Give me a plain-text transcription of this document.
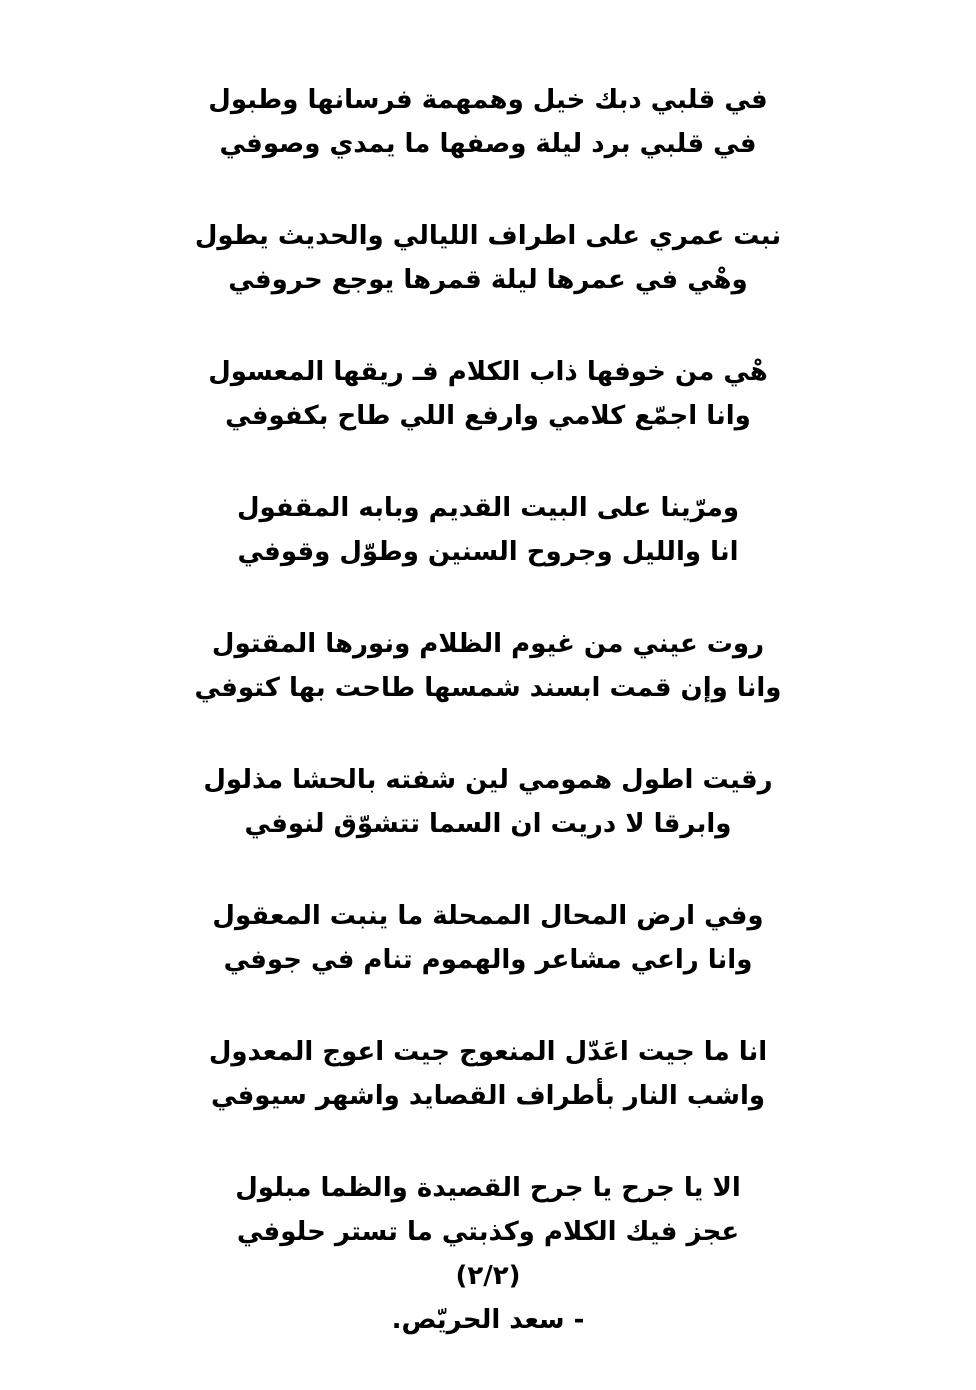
في قلبي دبك خيل وهمهمة فرسانها وطبول
في قلبي برد ليلة وصفها ما يمدي وصوفي
نبت عمري على اطراف الليالي والحديث يطول
وهْي في عمرها ليلة قمرها يوجع حروفي
هْي من خوفها ذاب الكلام فـ ريقها المعسول
وانا اجمّع كلامي وارفع اللي طاح بكفوفي
ومرّينا على البيت القديم وبابه المقفول
انا والليل وجروح السنين وطوّل وقوفي
روت عيني من غيوم الظلام ونورها المقتول
وانا وإن قمت ابسند شمسها طاحت بها كتوفي
رقيت اطول همومي لين شفته بالحشا مذلول
وابرقا لا دريت ان السما تتشوّق لنوفي
وفي ارض المحال الممحلة ما ينبت المعقول
وانا راعي مشاعر والهموم تنام في جوفي
انا ما جيت اعَدّل المنعوج جيت اعوج المعدول
واشب النار بأطراف القصايد واشهر سيوفي
الا يا جرح يا جرح القصيدة والظما مبلول
عجز فيك الكلام وكذبتي ما تستر حلوفي
(٢/٢)
- سعد الحريّص.
